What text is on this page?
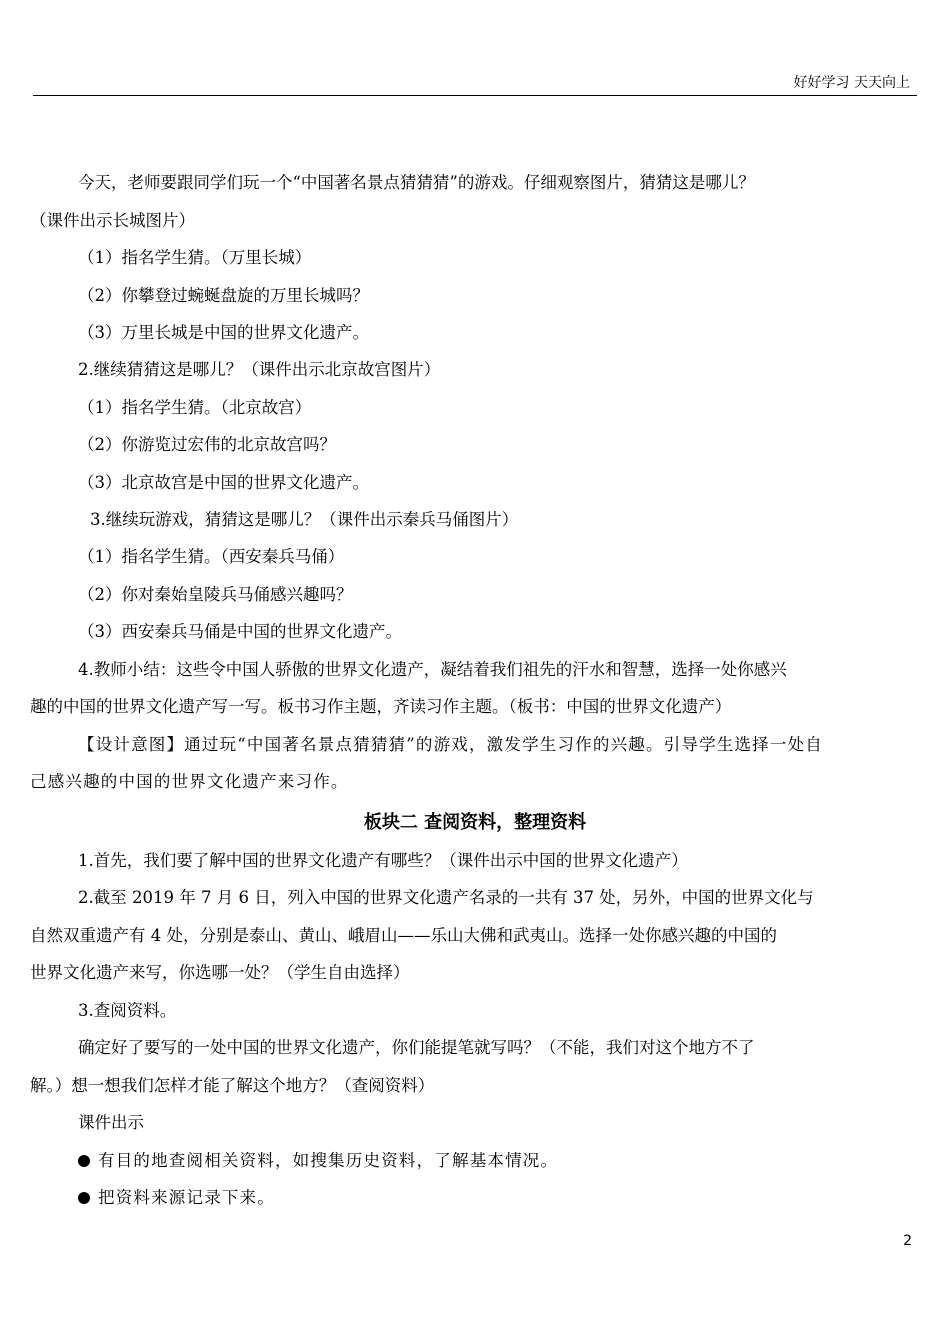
好好学习 天天向上
今天，老师要跟同学们玩一个“中国著名景点猜猜猜”的游戏。仔细观察图片，猜猜这是哪儿？
（课件出示长城图片）
（1）指名学生猜。（万里长城）
（2）你攀登过蜿蜒盘旋的万里长城吗？
（3）万里长城是中国的世界文化遗产。
2.继续猜猜这是哪儿？（课件出示北京故宫图片）
（1）指名学生猜。（北京故宫）
（2）你游览过宏伟的北京故宫吗？
（3）北京故宫是中国的世界文化遗产。
3.继续玩游戏，猜猜这是哪儿？（课件出示秦兵马俑图片）
（1）指名学生猜。（西安秦兵马俑）
（2）你对秦始皇陵兵马俑感兴趣吗？
（3）西安秦兵马俑是中国的世界文化遗产。
4.教师小结：这些令中国人骄傲的世界文化遗产，凝结着我们祖先的汗水和智慧，选择一处你感兴
趣的中国的世界文化遗产写一写。板书习作主题，齐读习作主题。（板书：中国的世界文化遗产）
【设计意图】通过玩“中国著名景点猜猜猜”的游戏，激发学生习作的兴趣。引导学生选择一处自
己感兴趣的中国的世界文化遗产来习作。
板块二 查阅资料，整理资料
1.首先，我们要了解中国的世界文化遗产有哪些？（课件出示中国的世界文化遗产）
2.截至 2019 年 7 月 6 日，列入中国的世界文化遗产名录的一共有 37 处，另外，中国的世界文化与
自然双重遗产有 4 处，分别是泰山、黄山、峨眉山——乐山大佛和武夷山。选择一处你感兴趣的中国的
世界文化遗产来写，你选哪一处？（学生自由选择）
3.查阅资料。
确定好了要写的一处中国的世界文化遗产，你们能提笔就写吗？（不能，我们对这个地方不了
解。）想一想我们怎样才能了解这个地方？（查阅资料）
课件出示
有目的地查阅相关资料，如搜集历史资料，了解基本情况。
把资料来源记录下来。
2
